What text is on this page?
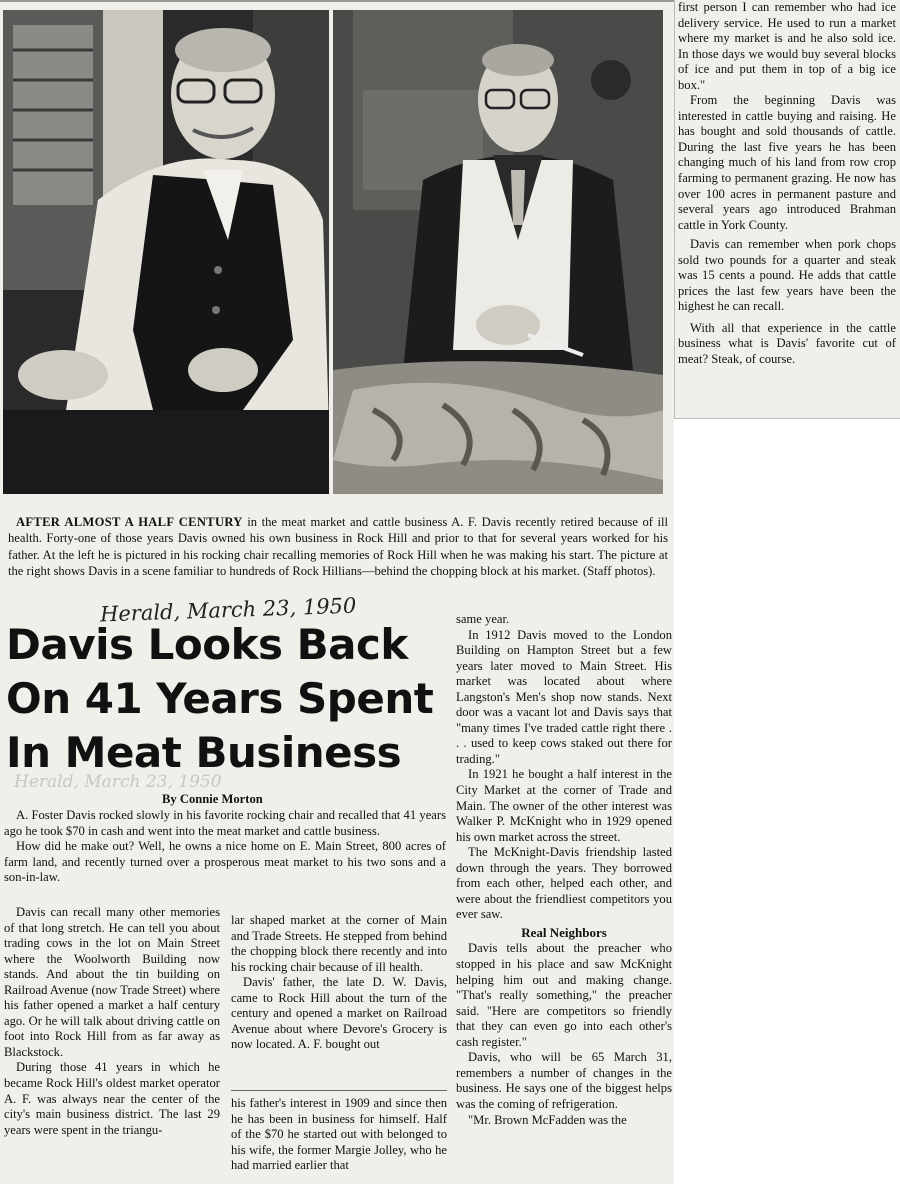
AFTER ALMOST A HALF CENTURY in the meat market and cattle business A. F. Davis recently retired because of ill health. Forty-one of those years Davis owned his own business in Rock Hill and prior to that for several years worked for his father. At the left he is pictured in his rocking chair recalling memories of Rock Hill when he was making his start. The picture at the right shows Davis in a scene familiar to hundreds of Rock Hillians—behind the chopping block at his market. (Staff photos).
Herald, March 23, 1950
Herald, March 23, 1950
Davis Looks Back
On 41 Years Spent
In Meat Business
By Connie Morton

A. Foster Davis rocked slowly in his favorite rocking chair and recalled that 41 years ago he took $70 in cash and went into the meat market and cattle business.

How did he make out? Well, he owns a nice home on E. Main Street, 800 acres of farm land, and recently turned over a prosperous meat market to his two sons and a son-in-law.

Davis can recall many other memories of that long stretch. He can tell you about trading cows in the lot on Main Street where the Woolworth Building now stands. And about the tin building on Railroad Avenue (now Trade Street) where his father opened a market a half century ago. Or he will talk about driving cattle on foot into Rock Hill from as far away as Blackstock.

During those 41 years in which he became Rock Hill's oldest market operator A. F. was always near the center of the city's main business district. The last 29 years were spent in the triangu-

lar shaped market at the corner of Main and Trade Streets. He stepped from behind the chopping block there recently and into his rocking chair because of ill health.

Davis' father, the late D. W. Davis, came to Rock Hill about the turn of the century and opened a market on Railroad Avenue about where Devore's Grocery is now located. A. F. bought out

his father's interest in 1909 and since then he has been in business for himself. Half of the $70 he started out with belonged to his wife, the former Margie Jolley, who he had married earlier that

same year.

In 1912 Davis moved to the London Building on Hampton Street but a few years later moved to Main Street. His market was located about where Langston's Men's shop now stands. Next door was a vacant lot and Davis says that "many times I've traded cattle right there . . . used to keep cows staked out there for trading."

In 1921 he bought a half interest in the City Market at the corner of Trade and Main. The owner of the other interest was Walker P. McKnight who in 1929 opened his own market across the street.

The McKnight-Davis friendship lasted down through the years. They borrowed from each other, helped each other, and were about the friendliest competitors you ever saw.

Real Neighbors

Davis tells about the preacher who stopped in his place and saw McKnight helping him out and making change. "That's really something," the preacher said. "Here are competitors so friendly that they can even go into each other's cash register."

Davis, who will be 65 March 31, remembers a number of changes in the business. He says one of the biggest helps was the coming of refrigeration.

"Mr. Brown McFadden was the

first person I can remember who had ice delivery service. He used to run a market where my market is and he also sold ice. In those days we would buy several blocks of ice and put them in top of a big ice box."

From the beginning Davis was interested in cattle buying and raising. He has bought and sold thousands of cattle. During the last five years he has been changing much of his land from row crop farming to permanent grazing. He now has over 100 acres in permanent pasture and several years ago introduced Brahman cattle in York County.

Davis can remember when pork chops sold two pounds for a quarter and steak was 15 cents a pound. He adds that cattle prices the last few years have been the highest he can recall.

With all that experience in the cattle business what is Davis' favorite cut of meat? Steak, of course.
